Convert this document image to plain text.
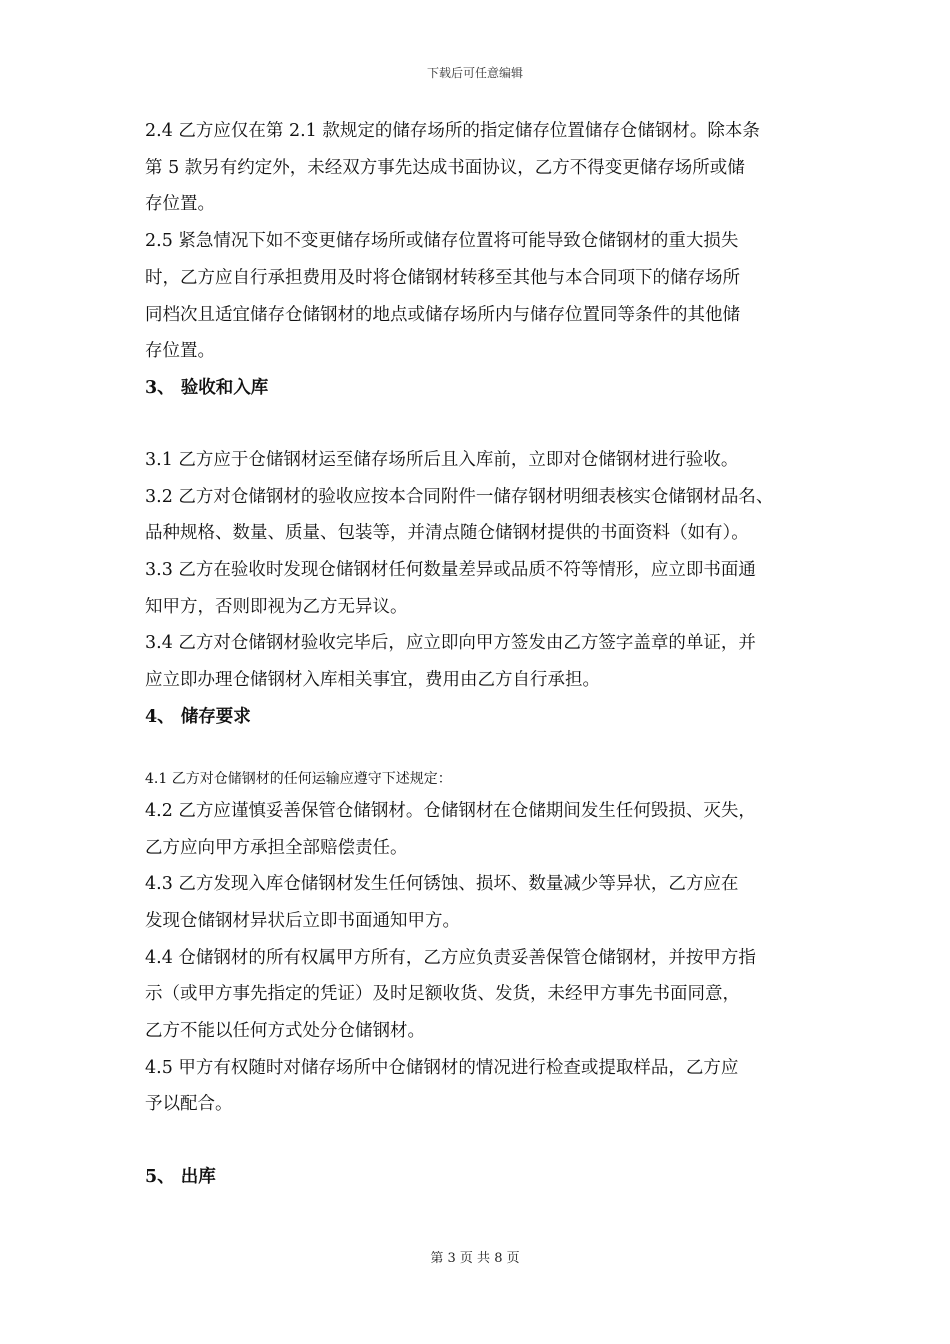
下载后可任意编辑

2.4 乙方应仅在第 2.1 款规定的储存场所的指定储存位置储存仓储钢材。除本条

第 5 款另有约定外，未经双方事先达成书面协议，乙方不得变更储存场所或储

存位置。

2.5 紧急情况下如不变更储存场所或储存位置将可能导致仓储钢材的重大损失

时，乙方应自行承担费用及时将仓储钢材转移至其他与本合同项下的储存场所

同档次且适宜储存仓储钢材的地点或储存场所内与储存位置同等条件的其他储

存位置。

3、 验收和入库

3.1 乙方应于仓储钢材运至储存场所后且入库前，立即对仓储钢材进行验收。

3.2 乙方对仓储钢材的验收应按本合同附件一储存钢材明细表核实仓储钢材品名、

品种规格、数量、质量、包装等，并清点随仓储钢材提供的书面资料（如有）。

3.3 乙方在验收时发现仓储钢材任何数量差异或品质不符等情形，应立即书面通

知甲方，否则即视为乙方无异议。

3.4 乙方对仓储钢材验收完毕后，应立即向甲方签发由乙方签字盖章的单证，并

应立即办理仓储钢材入库相关事宜，费用由乙方自行承担。

4、 储存要求

4.1 乙方对仓储钢材的任何运输应遵守下述规定：

4.2 乙方应谨慎妥善保管仓储钢材。仓储钢材在仓储期间发生任何毁损、灭失，

乙方应向甲方承担全部赔偿责任。

4.3 乙方发现入库仓储钢材发生任何锈蚀、损坏、数量减少等异状，乙方应在

发现仓储钢材异状后立即书面通知甲方。

4.4 仓储钢材的所有权属甲方所有，乙方应负责妥善保管仓储钢材，并按甲方指

示（或甲方事先指定的凭证）及时足额收货、发货，未经甲方事先书面同意，

乙方不能以任何方式处分仓储钢材。

4.5 甲方有权随时对储存场所中仓储钢材的情况进行检查或提取样品，乙方应

予以配合。

5、 出库

第 3 页 共 8 页
